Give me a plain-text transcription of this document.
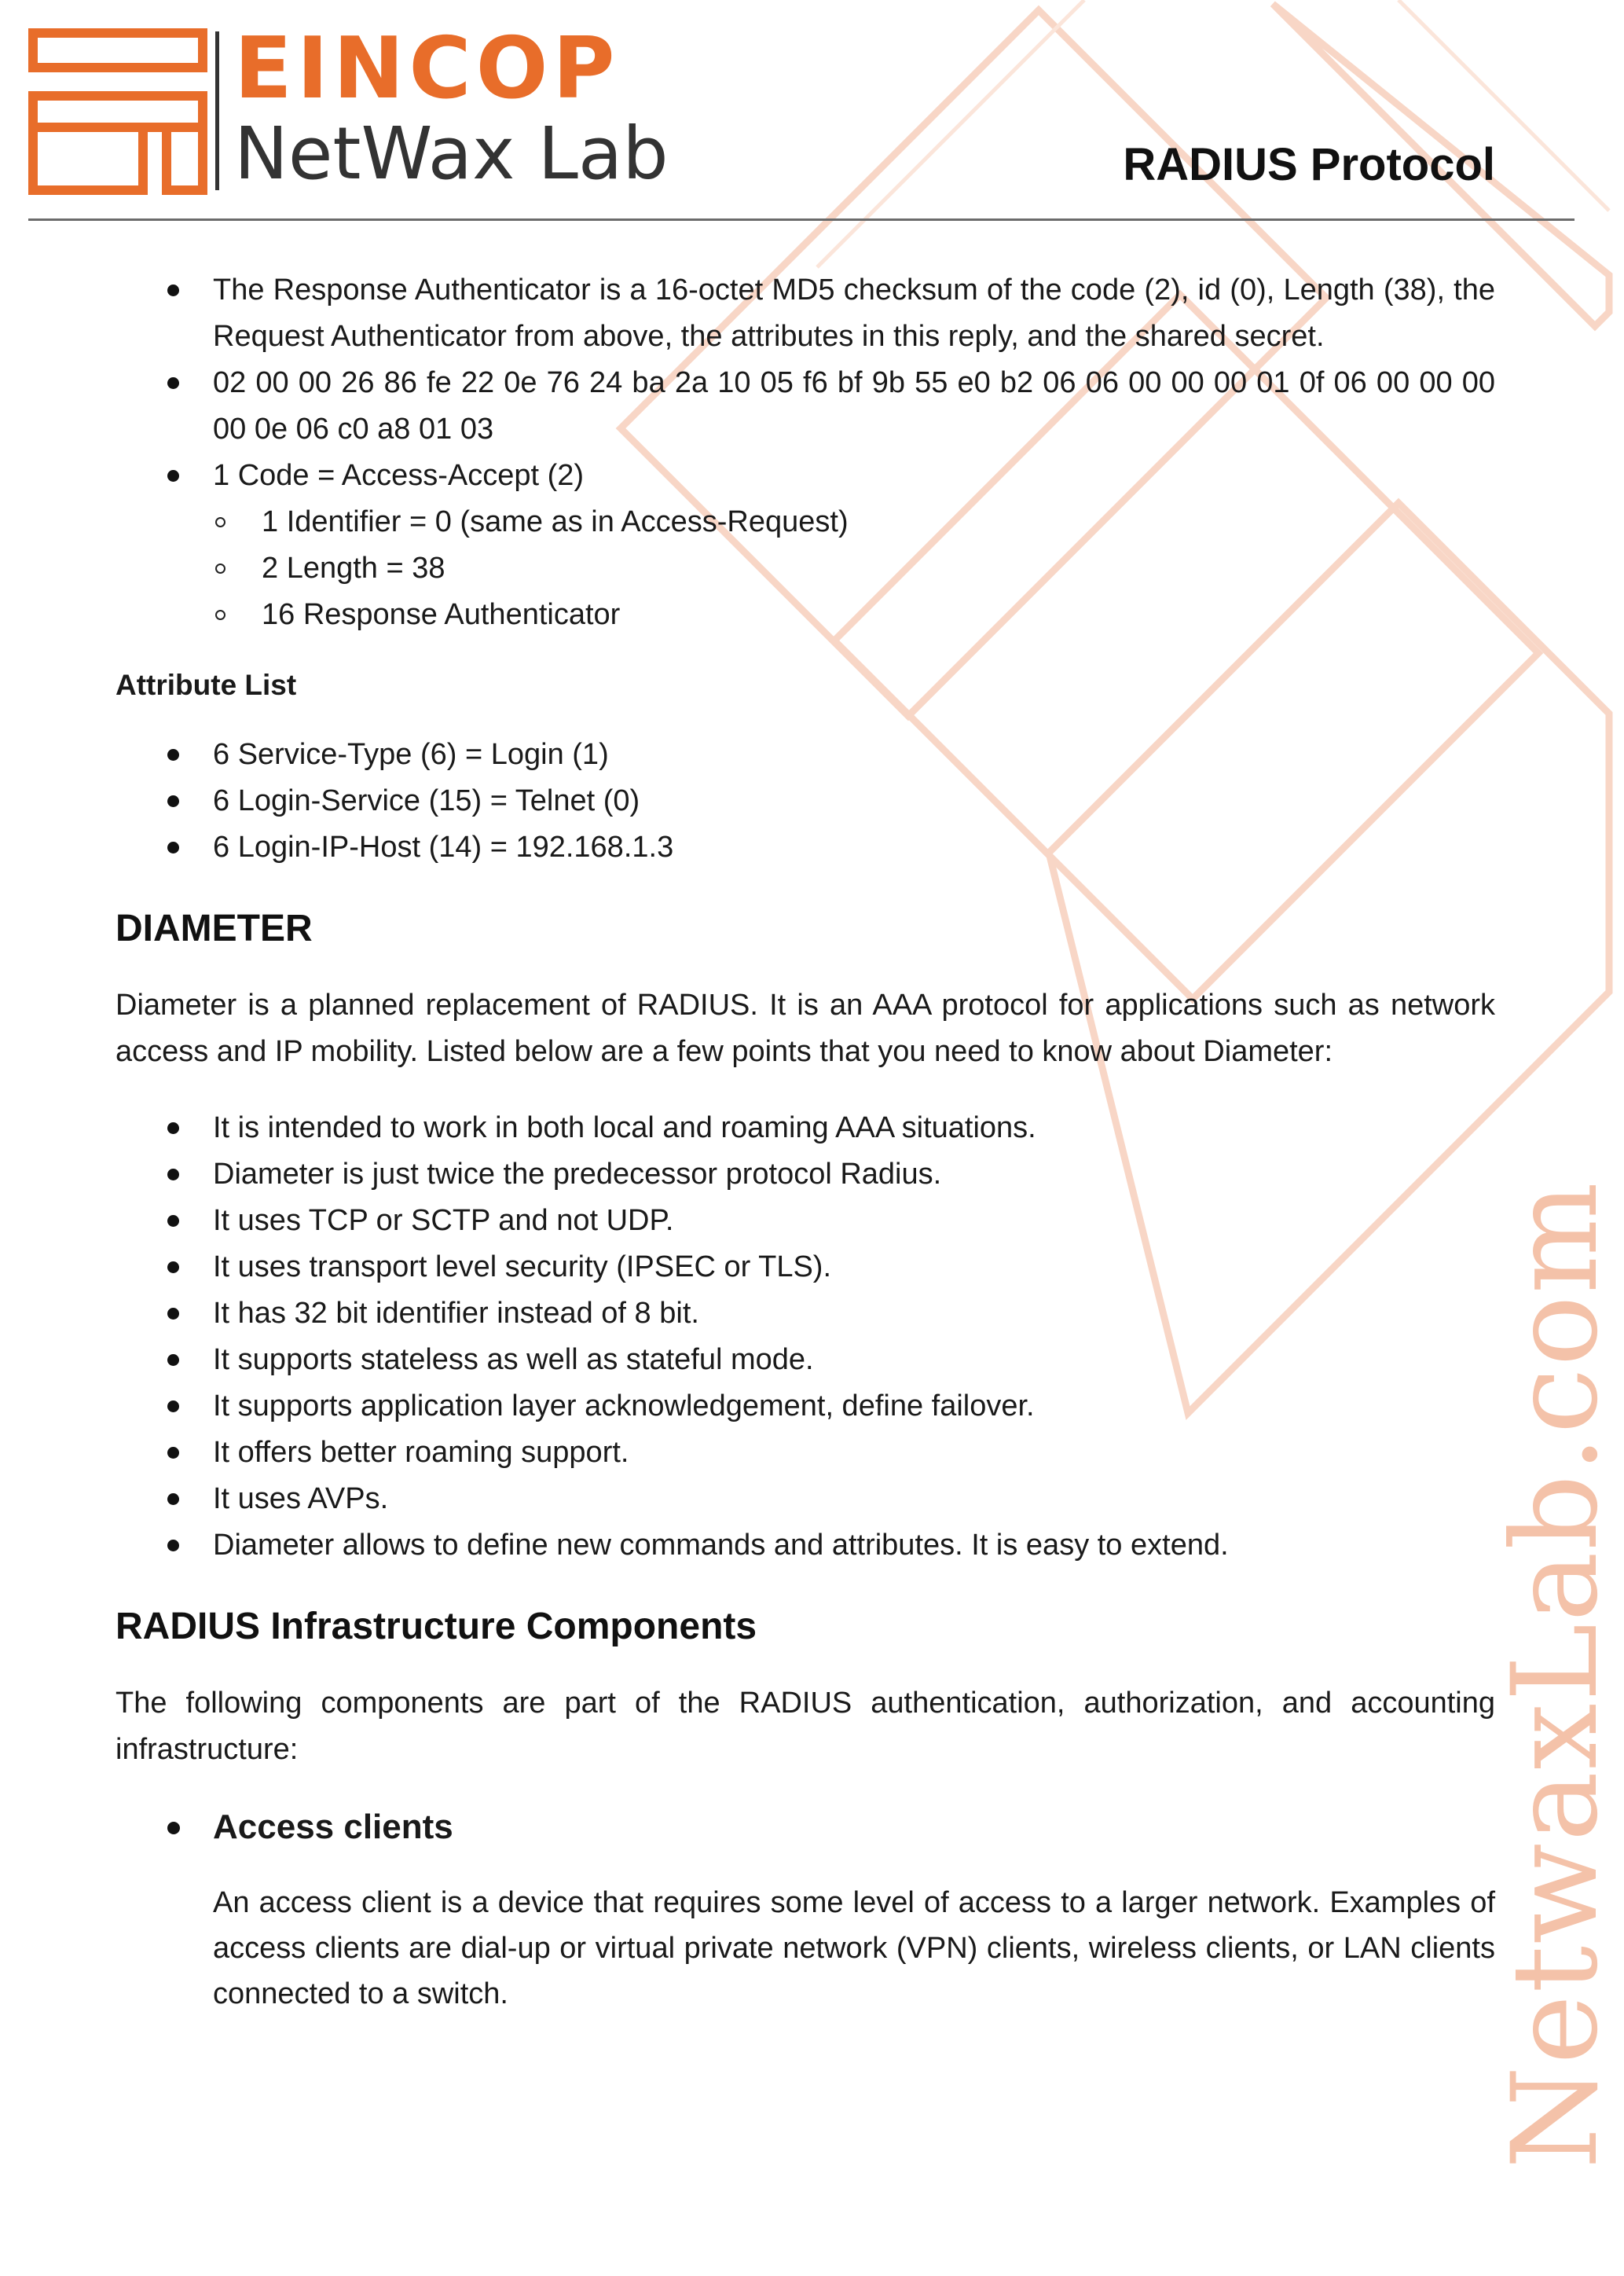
NetwaxLab.com
EINCOP
NetWax Lab	RADIUS Protocol
The Response Authenticator is a 16-octet MD5 checksum of the code (2), id (0), Length (38), the Request Authenticator from above, the attributes in this reply, and the shared secret.
02 00 00 26 86 fe 22 0e 76 24 ba 2a 10 05 f6 bf 9b 55 e0 b2 06 06 00 00 00 01 0f 06 00 00 00 00 0e 06 c0 a8 01 03
1 Code = Access-Accept (2)
1 Identifier = 0 (same as in Access-Request)
2 Length = 38
16 Response Authenticator
Attribute List
6 Service-Type (6) = Login (1)
6 Login-Service (15) = Telnet (0)
6 Login-IP-Host (14) = 192.168.1.3
DIAMETER

Diameter is a planned replacement of RADIUS. It is an AAA protocol for applications such as network access and IP mobility. Listed below are a few points that you need to know about Diameter:

It is intended to work in both local and roaming AAA situations.
Diameter is just twice the predecessor protocol Radius.
It uses TCP or SCTP and not UDP.
It uses transport level security (IPSEC or TLS).
It has 32 bit identifier instead of 8 bit.
It supports stateless as well as stateful mode.
It supports application layer acknowledgement, define failover.
It offers better roaming support.
It uses AVPs.
Diameter allows to define new commands and attributes. It is easy to extend.
RADIUS Infrastructure Components

The following components are part of the RADIUS authentication, authorization, and accounting infrastructure:

Access clients

An access client is a device that requires some level of access to a larger network. Examples of access clients are dial-up or virtual private network (VPN) clients, wireless clients, or LAN clients connected to a switch.
